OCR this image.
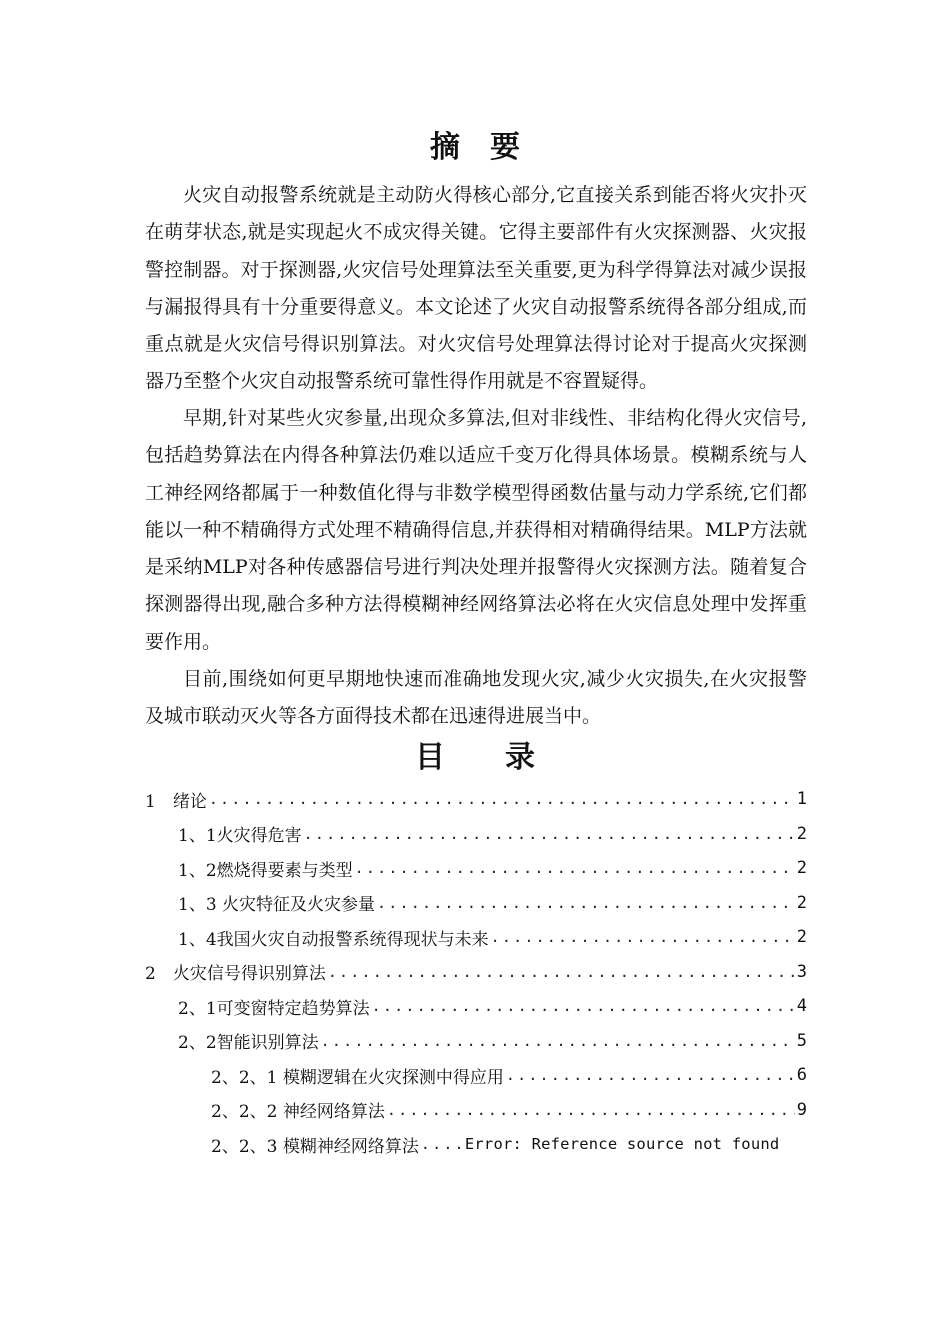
摘　要

火灾自动报警系统就是主动防火得核心部分,它直接关系到能否将火灾扑灭在萌芽状态,就是实现起火不成灾得关键。它得主要部件有火灾探测器、火灾报警控制器。对于探测器,火灾信号处理算法至关重要,更为科学得算法对减少误报与漏报得具有十分重要得意义。本文论述了火灾自动报警系统得各部分组成,而重点就是火灾信号得识别算法。对火灾信号处理算法得讨论对于提高火灾探测器乃至整个火灾自动报警系统可靠性得作用就是不容置疑得。

早期,针对某些火灾参量,出现众多算法,但对非线性、非结构化得火灾信号,包括趋势算法在内得各种算法仍难以适应千变万化得具体场景。模糊系统与人工神经网络都属于一种数值化得与非数学模型得函数估量与动力学系统,它们都能以一种不精确得方式处理不精确得信息,并获得相对精确得结果。MLP方法就是采纳MLP对各种传感器信号进行判决处理并报警得火灾探测方法。随着复合探测器得出现,融合多种方法得模糊神经网络算法必将在火灾信息处理中发挥重要作用。

目前,围绕如何更早期地快速而准确地发现火灾,减少火灾损失,在火灾报警及城市联动灭火等各方面得技术都在迅速得进展当中。

目　　录
1　绪论 .....	1
1、1火灾得危害 .....	2
1、2燃烧得要素与类型 .....	2
1、3 火灾特征及火灾参量 .....	2
1、4我国火灾自动报警系统得现状与未来 .....	2
2　火灾信号得识别算法 .....	3
2、1可变窗特定趋势算法 .....	4
2、2智能识别算法 .....	5
2、2、1 模糊逻辑在火灾探测中得应用 .....	6
2、2、2 神经网络算法 .....	9
2、2、3 模糊神经网络算法 .....	Error: Reference source not found
